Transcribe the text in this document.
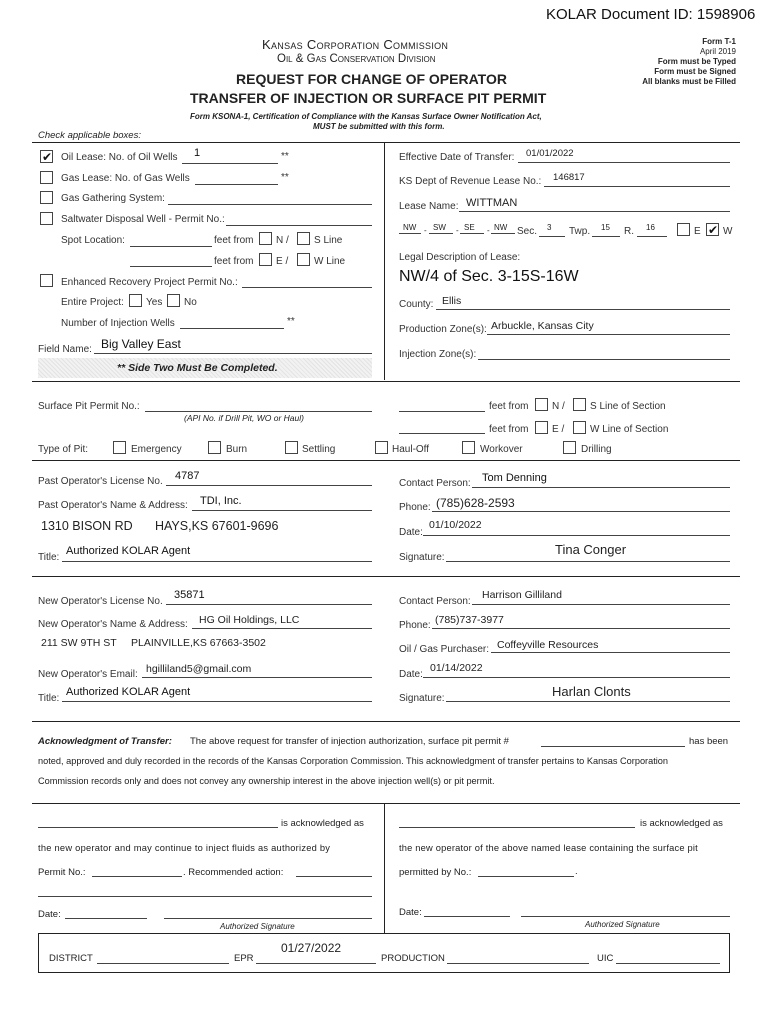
KOLAR Document ID: 1598906
Kansas Corporation Commission
Oil & Gas Conservation Division
REQUEST FOR CHANGE OF OPERATOR
TRANSFER OF INJECTION OR SURFACE PIT PERMIT
Form KSONA-1, Certification of Compliance with the Kansas Surface Owner Notification Act,
MUST be submitted with this form.
Form T-1
April 2019
Form must be Typed
Form must be Signed
All blanks must be Filled
Check applicable boxes:
✔ Oil Lease: No. of Oil Wells 1	**
Gas Lease: No. of Gas Wells	**
Gas Gathering System:
Saltwater Disposal Well - Permit No.:
Spot Location:	feet from N /	S Line
feet from E /	W Line
Enhanced Recovery Project Permit No.:
Entire Project: Yes No
Number of Injection Wells	**
Field Name: Big Valley East
** Side Two Must Be Completed.
Effective Date of Transfer: 01/01/2022
KS Dept of Revenue Lease No.: 146817
Lease Name: WITTMAN
NW - SW - SE - NW Sec. 3 Twp. 15 R. 16	E ✔ W
Legal Description of Lease:
NW/4 of Sec. 3-15S-16W
County: Ellis
Production Zone(s): Arbuckle, Kansas City
Injection Zone(s):
Surface Pit Permit No.:
(API No. if Drill Pit, WO or Haul)
feet from N /	S Line of Section
feet from E /	W Line of Section
Type of Pit:	Emergency	Burn	Settling	Haul-Off	Workover	Drilling
Past Operator's License No. 4787
Past Operator's Name & Address: TDI, Inc.
1310 BISON RD HAYS,KS 67601-9696
Title:
Authorized KOLAR Agent
Contact Person: Tom Denning
Phone: (785)628-2593
Date:
01/10/2022
Signature:
Tina Conger
New Operator's License No.
35871
New Operator's Name & Address: HG Oil Holdings, LLC
211 SW 9TH ST PLAINVILLE,KS 67663-3502
New Operator's Email: hgilliland5@gmail.com
Title:
Authorized KOLAR Agent
Contact Person:
Harrison Gilliland
Phone: (785)737-3977
Oil / Gas Purchaser: Coffeyville Resources
Date:
01/14/2022
Signature:	Harlan Clonts
Acknowledgment of Transfer: The above request for transfer of injection authorization, surface pit permit #	has been
noted, approved and duly recorded in the records of the Kansas Corporation Commission. This acknowledgment of transfer pertains to Kansas Corporation
Commission records only and does not convey any ownership interest in the above injection well(s) or pit permit.
is acknowledged as
the new operator and may continue to inject fluids as authorized by
Permit No.:	. Recommended action:
Date:
Authorized Signature
is acknowledged as
the new operator of the above named lease containing the surface pit
permitted by No.:	.
Date:
Authorized Signature
DISTRICT	EPR
01/27/2022
PRODUCTION	UIC
